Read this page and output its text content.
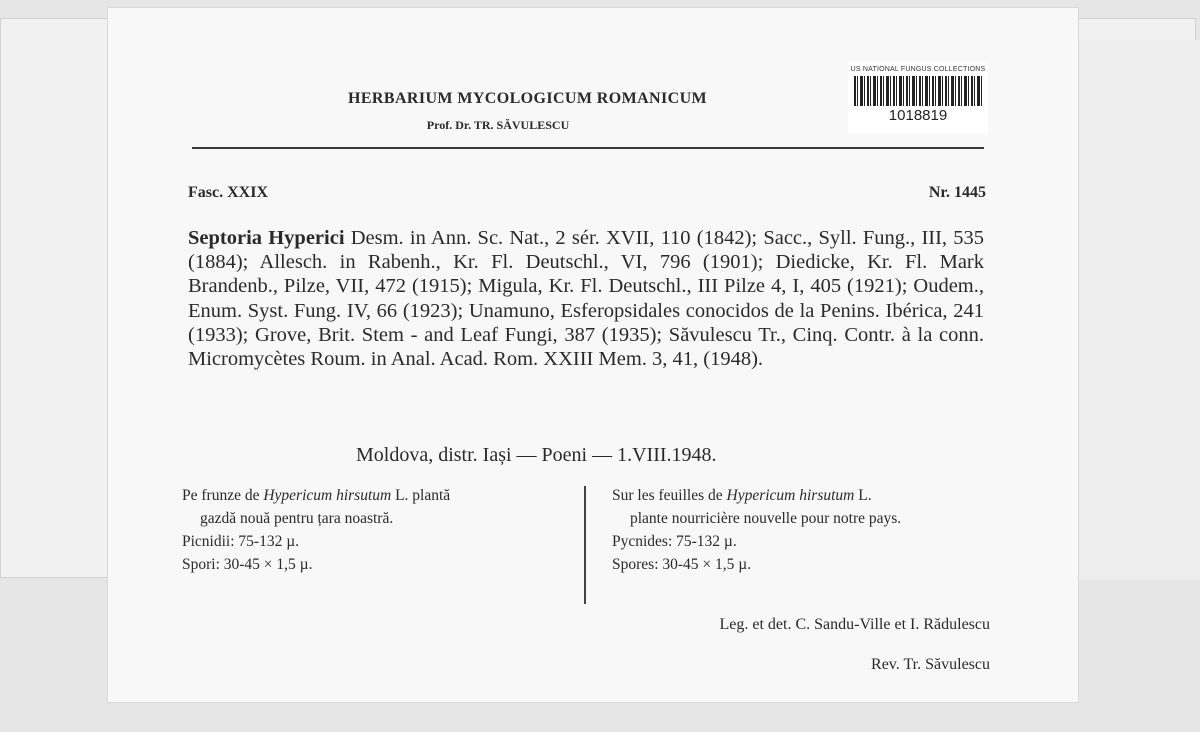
US NATIONAL FUNGUS COLLECTIONS
1018819
HERBARIUM MYCOLOGICUM ROMANICUM
Prof. Dr. TR. SĂVULESCU
Fasc. XXIX	Nr. 1445
Septoria Hyperici Desm. in Ann. Sc. Nat., 2 sér. XVII, 110 (1842); Sacc., Syll. Fung., III, 535 (1884); Allesch. in Rabenh., Kr. Fl. Deutschl., VI, 796 (1901); Diedicke, Kr. Fl. Mark Brandenb., Pilze, VII, 472 (1915); Migula, Kr. Fl. Deutschl., III Pilze 4, I, 405 (1921); Oudem., Enum. Syst. Fung. IV, 66 (1923); Unamuno, Esferopsidales conocidos de la Penins. Ibérica, 241 (1933); Grove, Brit. Stem - and Leaf Fungi, 387 (1935); Săvulescu Tr., Cinq. Contr. à la conn. Micromycètes Roum. in Anal. Acad. Rom. XXIII Mem. 3, 41, (1948).
Moldova, distr. Iași — Poeni — 1.VIII.1948.

Pe frunze de Hypericum hirsutum L. plantă

gazdă nouă pentru țara noastră.

Picnidii: 75-132 µ.

Spori: 30-45 × 1,5 µ.

Sur les feuilles de Hypericum hirsutum L.

plante nourricière nouvelle pour notre pays.

Pycnides: 75-132 µ.

Spores: 30-45 × 1,5 µ.

Leg. et det. C. Sandu-Ville et I. Rădulescu
Rev. Tr. Săvulescu
